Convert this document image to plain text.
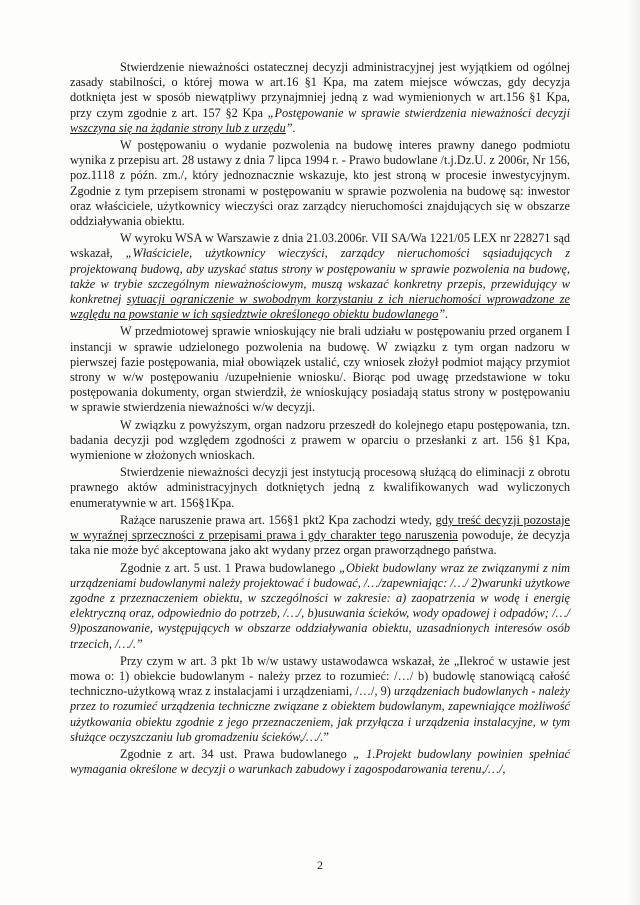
Stwierdzenie nieważności ostatecznej decyzji administracyjnej jest wyjątkiem od ogólnej zasady stabilności, o której mowa w art.16 §1 Kpa, ma zatem miejsce wówczas, gdy decyzja dotknięta jest w sposób niewątpliwy przynajmniej jedną z wad wymienionych w art.156 §1 Kpa, przy czym zgodnie z art. 157 §2 Kpa „Postępowanie w sprawie stwierdzenia nieważności decyzji wszczyna się na żądanie strony lub z urzędu”.

W postępowaniu o wydanie pozwolenia na budowę interes prawny danego podmiotu wynika z przepisu art. 28 ustawy z dnia 7 lipca 1994 r. - Prawo budowlane /t.j.Dz.U. z 2006r, Nr 156, poz.1118 z późn. zm./, który jednoznacznie wskazuje, kto jest stroną w procesie inwestycyjnym. Zgodnie z tym przepisem stronami w postępowaniu w sprawie pozwolenia na budowę są: inwestor oraz właściciele, użytkownicy wieczyści oraz zarządcy nieruchomości znajdujących się w obszarze oddziaływania obiektu.

W wyroku WSA w Warszawie z dnia 21.03.2006r. VII SA/Wa 1221/05 LEX nr 228271 sąd wskazał, „Właściciele, użytkownicy wieczyści, zarządcy nieruchomości sąsiadujących z projektowaną budową, aby uzyskać status strony w postępowaniu w sprawie pozwolenia na budowę, także w trybie szczególnym nieważnościowym, muszą wskazać konkretny przepis, przewidujący w konkretnej sytuacji ograniczenie w swobodnym korzystaniu z ich nieruchomości wprowadzone ze względu na powstanie w ich sąsiedztwie określonego obiektu budowlanego”.

W przedmiotowej sprawie wnioskujący nie brali udziału w postępowaniu przed organem I instancji w sprawie udzielonego pozwolenia na budowę. W związku z tym organ nadzoru w pierwszej fazie postępowania, miał obowiązek ustalić, czy wniosek złożył podmiot mający przymiot strony w w/w postępowaniu /uzupełnienie wniosku/. Biorąc pod uwagę przedstawione w toku postępowania dokumenty, organ stwierdził, że wnioskujący posiadają status strony w postępowaniu w sprawie stwierdzenia nieważności w/w decyzji.

W związku z powyższym, organ nadzoru przeszedł do kolejnego etapu postępowania, tzn. badania decyzji pod względem zgodności z prawem w oparciu o przesłanki z art. 156 §1 Kpa, wymienione w złożonych wnioskach.

Stwierdzenie nieważności decyzji jest instytucją procesową służącą do eliminacji z obrotu prawnego aktów administracyjnych dotkniętych jedną z kwalifikowanych wad wyliczonych enumeratywnie w art. 156§1Kpa.

Rażące naruszenie prawa art. 156§1 pkt2 Kpa zachodzi wtedy, gdy treść decyzji pozostaje w wyraźnej sprzeczności z przepisami prawa i gdy charakter tego naruszenia powoduje, że decyzja taka nie może być akceptowana jako akt wydany przez organ praworządnego państwa.

Zgodnie z art. 5 ust. 1 Prawa budowlanego „Obiekt budowlany wraz ze związanymi z nim urządzeniami budowlanymi należy projektować i budować, /…/zapewniając: /…/ 2)warunki użytkowe zgodne z przeznaczeniem obiektu, w szczególności w zakresie: a) zaopatrzenia w wodę i energię elektryczną oraz, odpowiednio do potrzeb, /…/, b)usuwania ścieków, wody opadowej i odpadów; /…/ 9)poszanowanie, występujących w obszarze oddziaływania obiektu, uzasadnionych interesów osób trzecich, /…/.”

Przy czym w art. 3 pkt 1b w/w ustawy ustawodawca wskazał, że „Ilekroć w ustawie jest mowa o: 1) obiekcie budowlanym - należy przez to rozumieć: /…/ b) budowlę stanowiącą całość techniczno-użytkową wraz z instalacjami i urządzeniami, /…/, 9) urządzeniach budowlanych - należy przez to rozumieć urządzenia techniczne związane z obiektem budowlanym, zapewniające możliwość użytkowania obiektu zgodnie z jego przeznaczeniem, jak przyłącza i urządzenia instalacyjne, w tym służące oczyszczaniu lub gromadzeniu ścieków,/…/.”

Zgodnie z art. 34 ust. Prawa budowlanego „ 1.Projekt budowlany powinien spełniać wymagania określone w decyzji o warunkach zabudowy i zagospodarowania terenu,/…/,

2
